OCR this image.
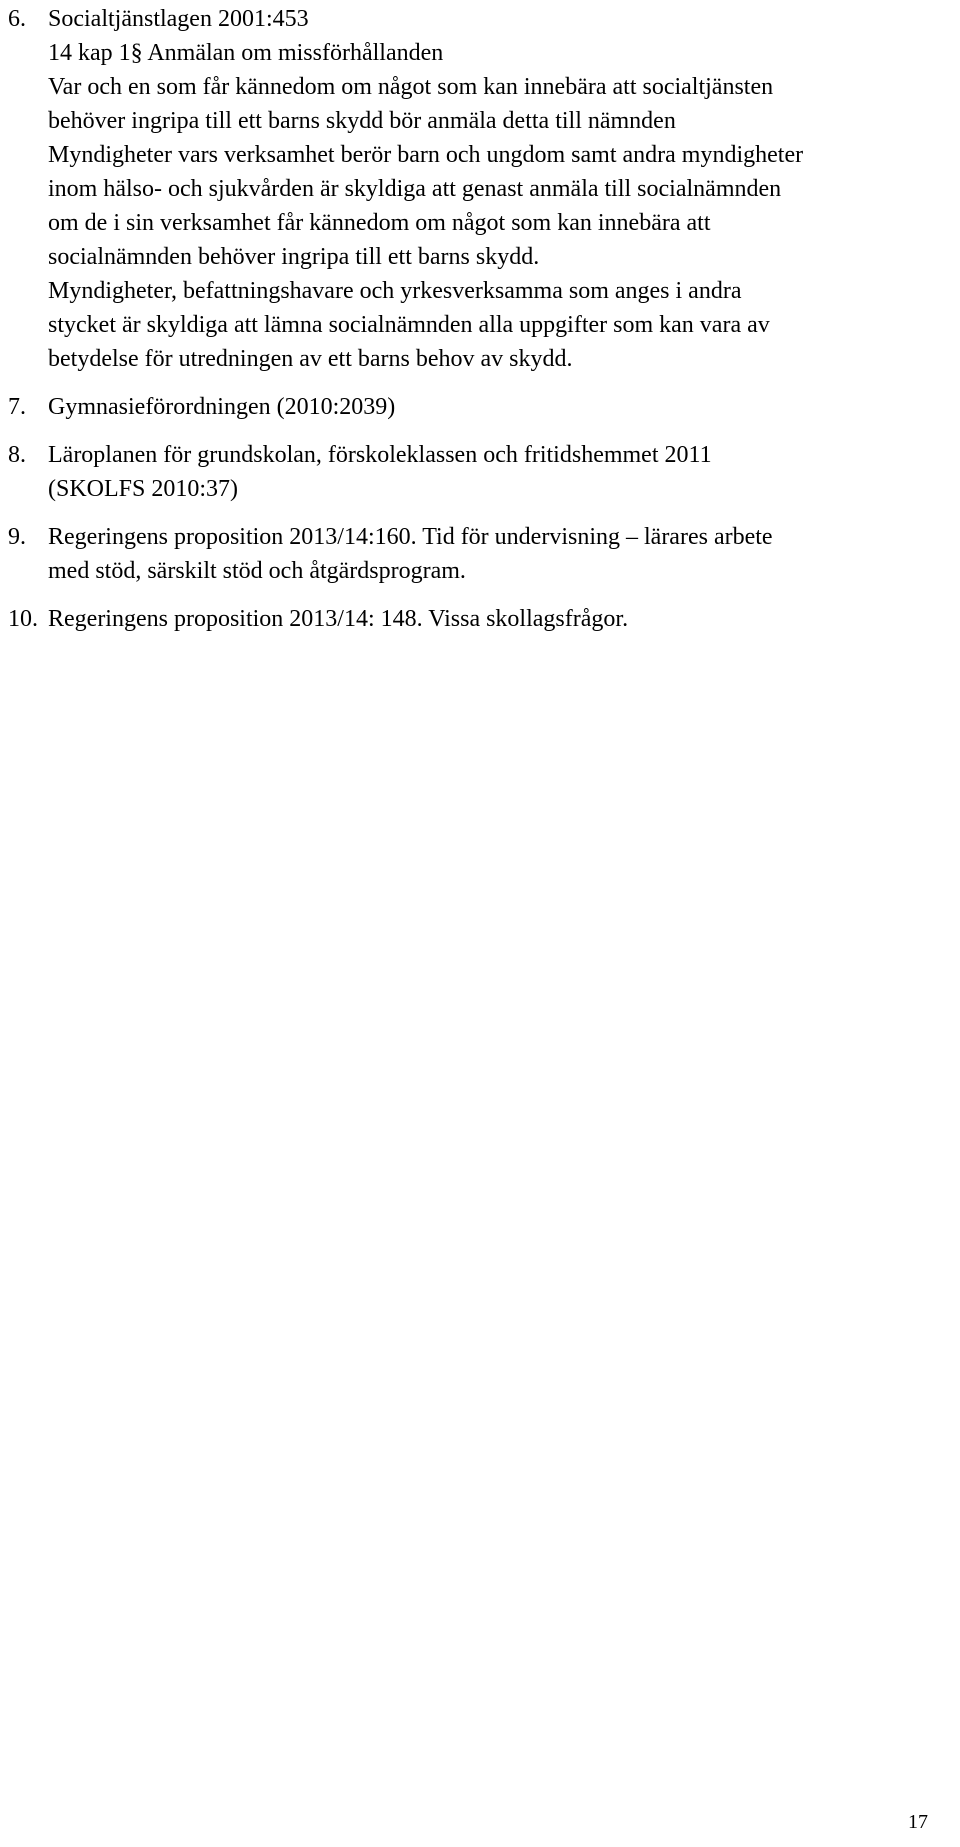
6. Socialtjänstlagen 2001:453
14 kap 1§ Anmälan om missförhållanden
Var och en som får kännedom om något som kan innebära att socialtjänsten
behöver ingripa till ett barns skydd bör anmäla detta till nämnden
Myndigheter vars verksamhet berör barn och ungdom samt andra myndigheter
inom hälso- och sjukvården är skyldiga att genast anmäla till socialnämnden
om de i sin verksamhet får kännedom om något som kan innebära att
socialnämnden behöver ingripa till ett barns skydd.
Myndigheter, befattningshavare och yrkesverksamma som anges i andra
stycket är skyldiga att lämna socialnämnden alla uppgifter som kan vara av
betydelse för utredningen av ett barns behov av skydd.
7. Gymnasieförordningen (2010:2039)
8. Läroplanen för grundskolan, förskoleklassen och fritidshemmet 2011
(SKOLFS 2010:37)
9. Regeringens proposition 2013/14:160. Tid för undervisning – lärares arbete
med stöd, särskilt stöd och åtgärdsprogram.
10. Regeringens proposition 2013/14: 148. Vissa skollagsfrågor.
17
